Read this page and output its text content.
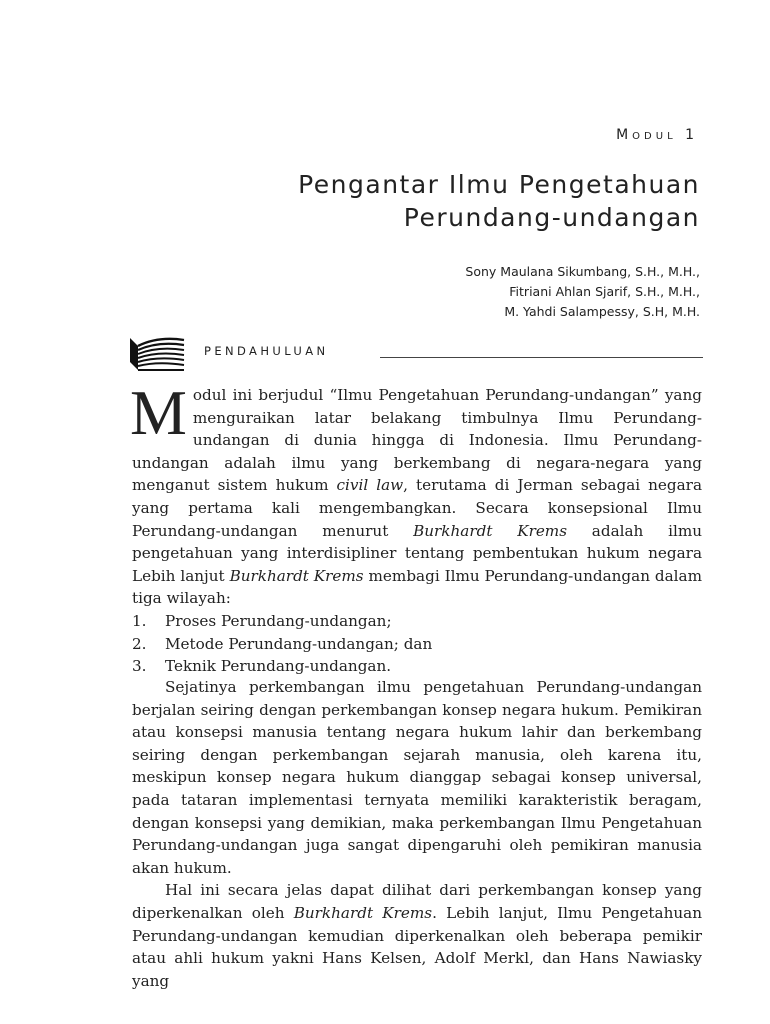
Modul 1
Pengantar Ilmu Pengetahuan
Perundang-undangan
Sony Maulana Sikumbang, S.H., M.H.,
Fitriani Ahlan Sjarif, S.H., M.H.,
M. Yahdi Salampessy, S.H, M.H.
PENDAHULUAN

Modul ini berjudul “Ilmu Pengetahuan Perundang-undangan” yang menguraikan latar belakang timbulnya Ilmu Perundang-undangan di dunia hingga di Indonesia. Ilmu Perundang-undangan adalah ilmu yang berkembang di negara-negara yang menganut sistem hukum civil law, terutama di Jerman sebagai negara yang pertama kali mengembangkan. Secara konsepsional Ilmu Perundang-undangan menurut Burkhardt Krems adalah ilmu pengetahuan yang interdisipliner tentang pembentukan hukum negara Lebih lanjut Burkhardt Krems membagi Ilmu Perundang-undangan dalam tiga wilayah:

1.	Proses Perundang-undangan;
2.	Metode Perundang-undangan; dan
3.	Teknik Perundang-undangan.

Sejatinya perkembangan ilmu pengetahuan Perundang-undangan berjalan seiring dengan perkembangan konsep negara hukum. Pemikiran atau konsepsi manusia tentang negara hukum lahir dan berkembang seiring dengan perkembangan sejarah manusia, oleh karena itu, meskipun konsep negara hukum dianggap sebagai konsep universal, pada tataran implementasi ternyata memiliki karakteristik beragam, dengan konsepsi yang demikian, maka perkembangan Ilmu Pengetahuan Perundang-undangan juga sangat dipengaruhi oleh pemikiran manusia akan hukum.

Hal ini secara jelas dapat dilihat dari perkembangan konsep yang diperkenalkan oleh Burkhardt Krems. Lebih lanjut, Ilmu Pengetahuan Perundang-undangan kemudian diperkenalkan oleh beberapa pemikir atau ahli hukum yakni Hans Kelsen, Adolf Merkl, dan Hans Nawiasky yang
